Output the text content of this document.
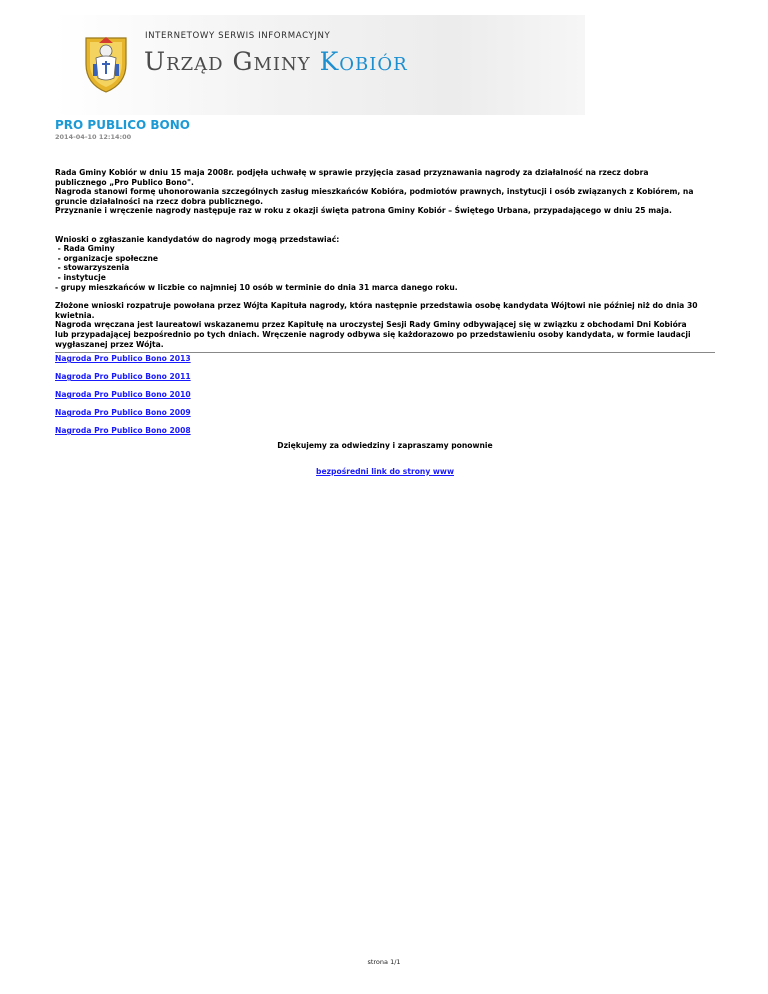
INTERNETOWY SERWIS INFORMACYJNY
Urząd Gminy Kobiór
PRO PUBLICO BONO
2014-04-10 12:14:00

Rada Gminy Kobiór w dniu 15 maja 2008r. podjęła uchwałę w sprawie przyjęcia zasad przyznawania nagrody za działalność na rzecz dobra
publicznego „Pro Publico Bono".
Nagroda stanowi formę uhonorowania szczególnych zasług mieszkańców Kobióra, podmiotów prawnych, instytucji i osób związanych z Kobiórem, na
gruncie działalności na rzecz dobra publicznego.
Przyznanie i wręczenie nagrody następuje raz w roku z okazji święta patrona Gminy Kobiór – Świętego Urbana, przypadającego w dniu 25 maja.

Wnioski o zgłaszanie kandydatów do nagrody mogą przedstawiać:
- Rada Gminy
- organizacje społeczne
- stowarzyszenia
- instytucje
- grupy mieszkańców w liczbie co najmniej 10 osób w terminie do dnia 31 marca danego roku.

Złożone wnioski rozpatruje powołana przez Wójta Kapituła nagrody, która następnie przedstawia osobę kandydata Wójtowi nie później niż do dnia 30
kwietnia.
Nagroda wręczana jest laureatowi wskazanemu przez Kapitułę na uroczystej Sesji Rady Gminy odbywającej się w związku z obchodami Dni Kobióra
lub przypadającej bezpośrednio po tych dniach. Wręczenie nagrody odbywa się każdorazowo po przedstawieniu osoby kandydata, w formie laudacji
wygłaszanej przez Wójta.

Nagroda Pro Publico Bono 2013
Nagroda Pro Publico Bono 2011
Nagroda Pro Publico Bono 2010
Nagroda Pro Publico Bono 2009
Nagroda Pro Publico Bono 2008
Dziękujemy za odwiedziny i zapraszamy ponownie
bezpośredni link do strony www
strona 1/1
